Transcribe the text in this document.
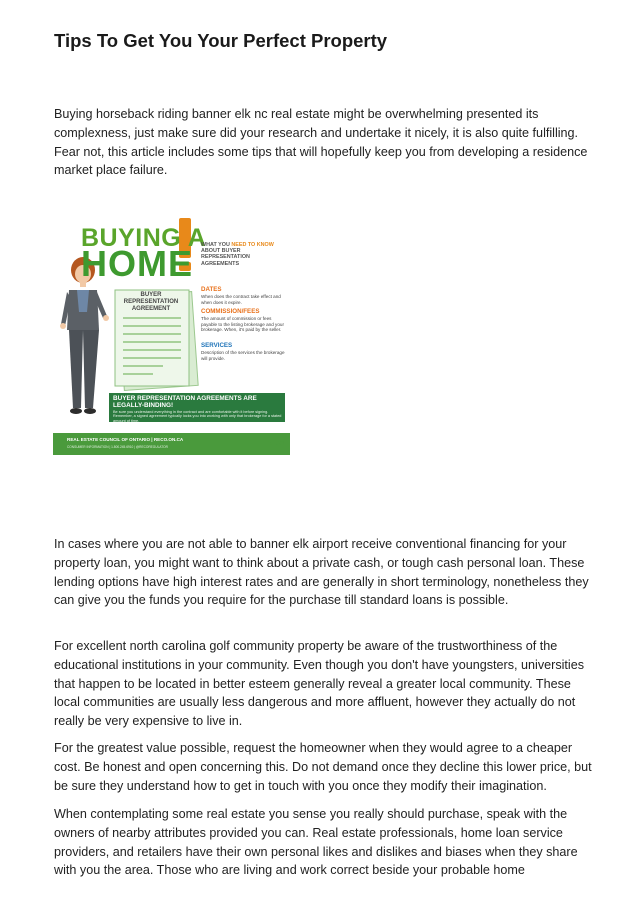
Tips To Get You Your Perfect Property

Buying horseback riding banner elk nc real estate might be overwhelming presented its complexness, just make sure did your research and undertake it nicely, it is also quite fulfilling. Fear not, this article includes some tips that will hopefully keep you from developing a residence market place failure.

BUYING A
HOME WHAT YOU NEED TO KNOW ABOUT BUYER REPRESENTATION AGREEMENTS
BUYER REPRESENTATION AGREEMENT
DATES
When does the contract take effect and when does it expire.
COMMISSION/FEES
The amount of commission or fees payable to the listing brokerage and your brokerage. When, it's paid by the seller.
SERVICES
Description of the services the brokerage will provide.
BUYER REPRESENTATION AGREEMENTS ARE LEGALLY-BINDING!
Be sure you understand everything in the contract and are comfortable with it before signing. Remember, a signed agreement typically locks you into working with only that brokerage for a stated amount of time.
REAL ESTATE COUNCIL OF ONTARIO | RECO.ON.CA
CONSUMER INFORMATION | 1.800.245.6910 | @RECOREGULATOR	RECO

In cases where you are not able to banner elk airport receive conventional financing for your property loan, you might want to think about a private cash, or tough cash personal loan. These lending options have high interest rates and are generally in short terminology, nonetheless they can give you the funds you require for the purchase till standard loans is possible.

For excellent north carolina golf community property be aware of the trustworthiness of the educational institutions in your community. Even though you don't have youngsters, universities that happen to be located in better esteem generally reveal a greater local community. These local communities are usually less dangerous and more affluent, however they actually do not really be very expensive to live in.

For the greatest value possible, request the homeowner when they would agree to a cheaper cost. Be honest and open concerning this. Do not demand once they decline this lower price, but be sure they understand how to get in touch with you once they modify their imagination.

When contemplating some real estate you sense you really should purchase, speak with the owners of nearby attributes provided you can. Real estate professionals, home loan service providers, and retailers have their own personal likes and dislikes and biases when they share with you the area. Those who are living and work correct beside your probable home
